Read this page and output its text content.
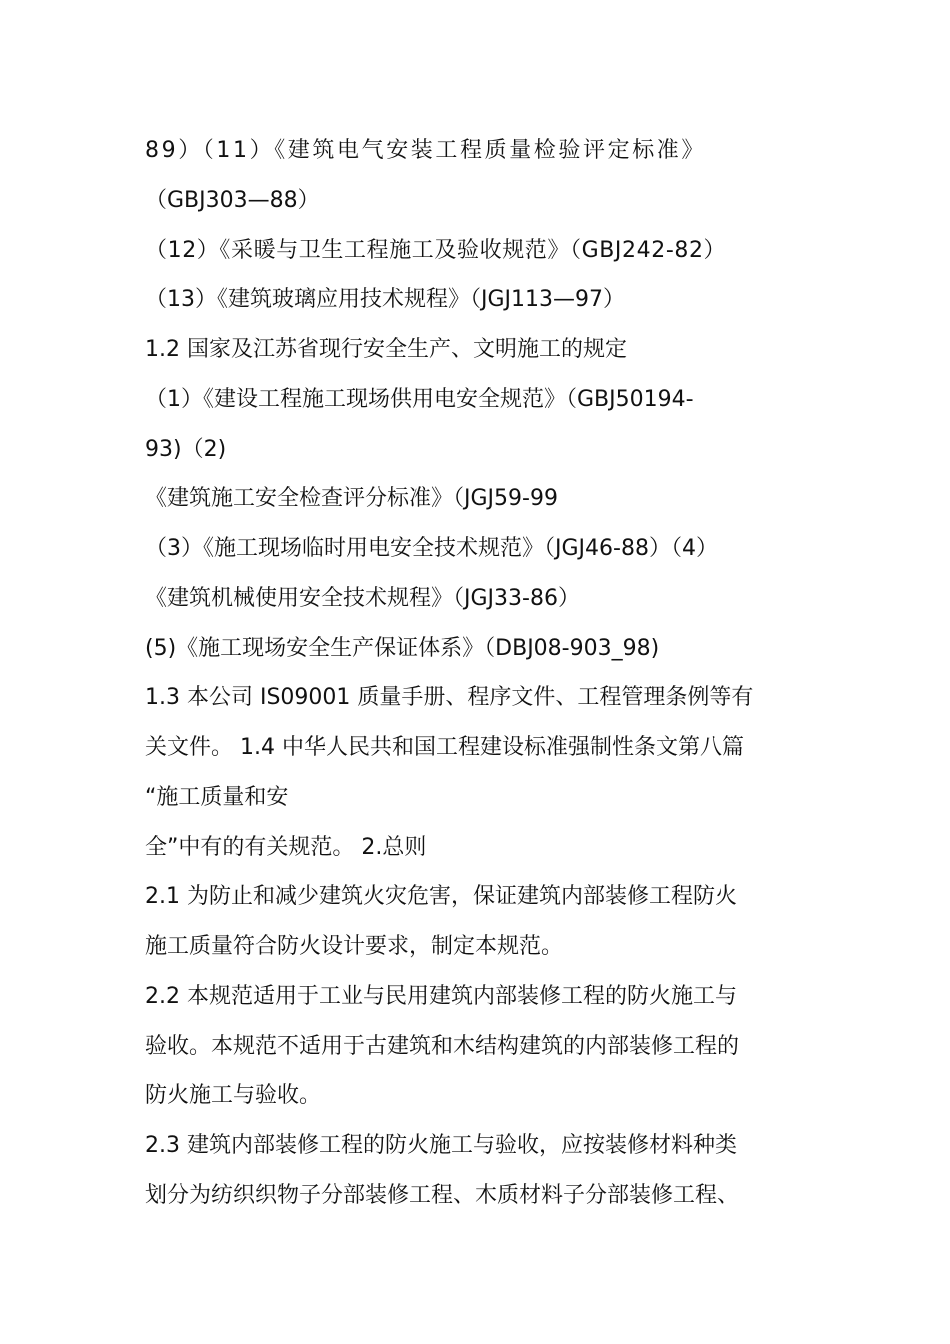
89）（11）《建筑电气安装工程质量检验评定标准》
（GBJ303—88）
（12）《采暖与卫生工程施工及验收规范》（GBJ242-82）
（13）《建筑玻璃应用技术规程》（JGJ113—97）
1.2 国家及江苏省现行安全生产、文明施工的规定
（1）《建设工程施工现场供用电安全规范》（GBJ50194-
93)（2)
《建筑施工安全检查评分标准》（JGJ59-99
（3）《施工现场临时用电安全技术规范》（JGJ46-88）（4）
《建筑机械使用安全技术规程》（JGJ33-86）
(5)《施工现场安全生产保证体系》（DBJ08-903_98)
1.3 本公司 IS09001 质量手册、程序文件、工程管理条例等有
关文件。 1.4 中华人民共和国工程建设标准强制性条文第八篇
“施工质量和安
全”中有的有关规范。 2.总则
2.1 为防止和减少建筑火灾危害，保证建筑内部装修工程防火
施工质量符合防火设计要求，制定本规范。
2.2 本规范适用于工业与民用建筑内部装修工程的防火施工与
验收。本规范不适用于古建筑和木结构建筑的内部装修工程的
防火施工与验收。
2.3 建筑内部装修工程的防火施工与验收，应按装修材料种类
划分为纺织织物子分部装修工程、木质材料子分部装修工程、
